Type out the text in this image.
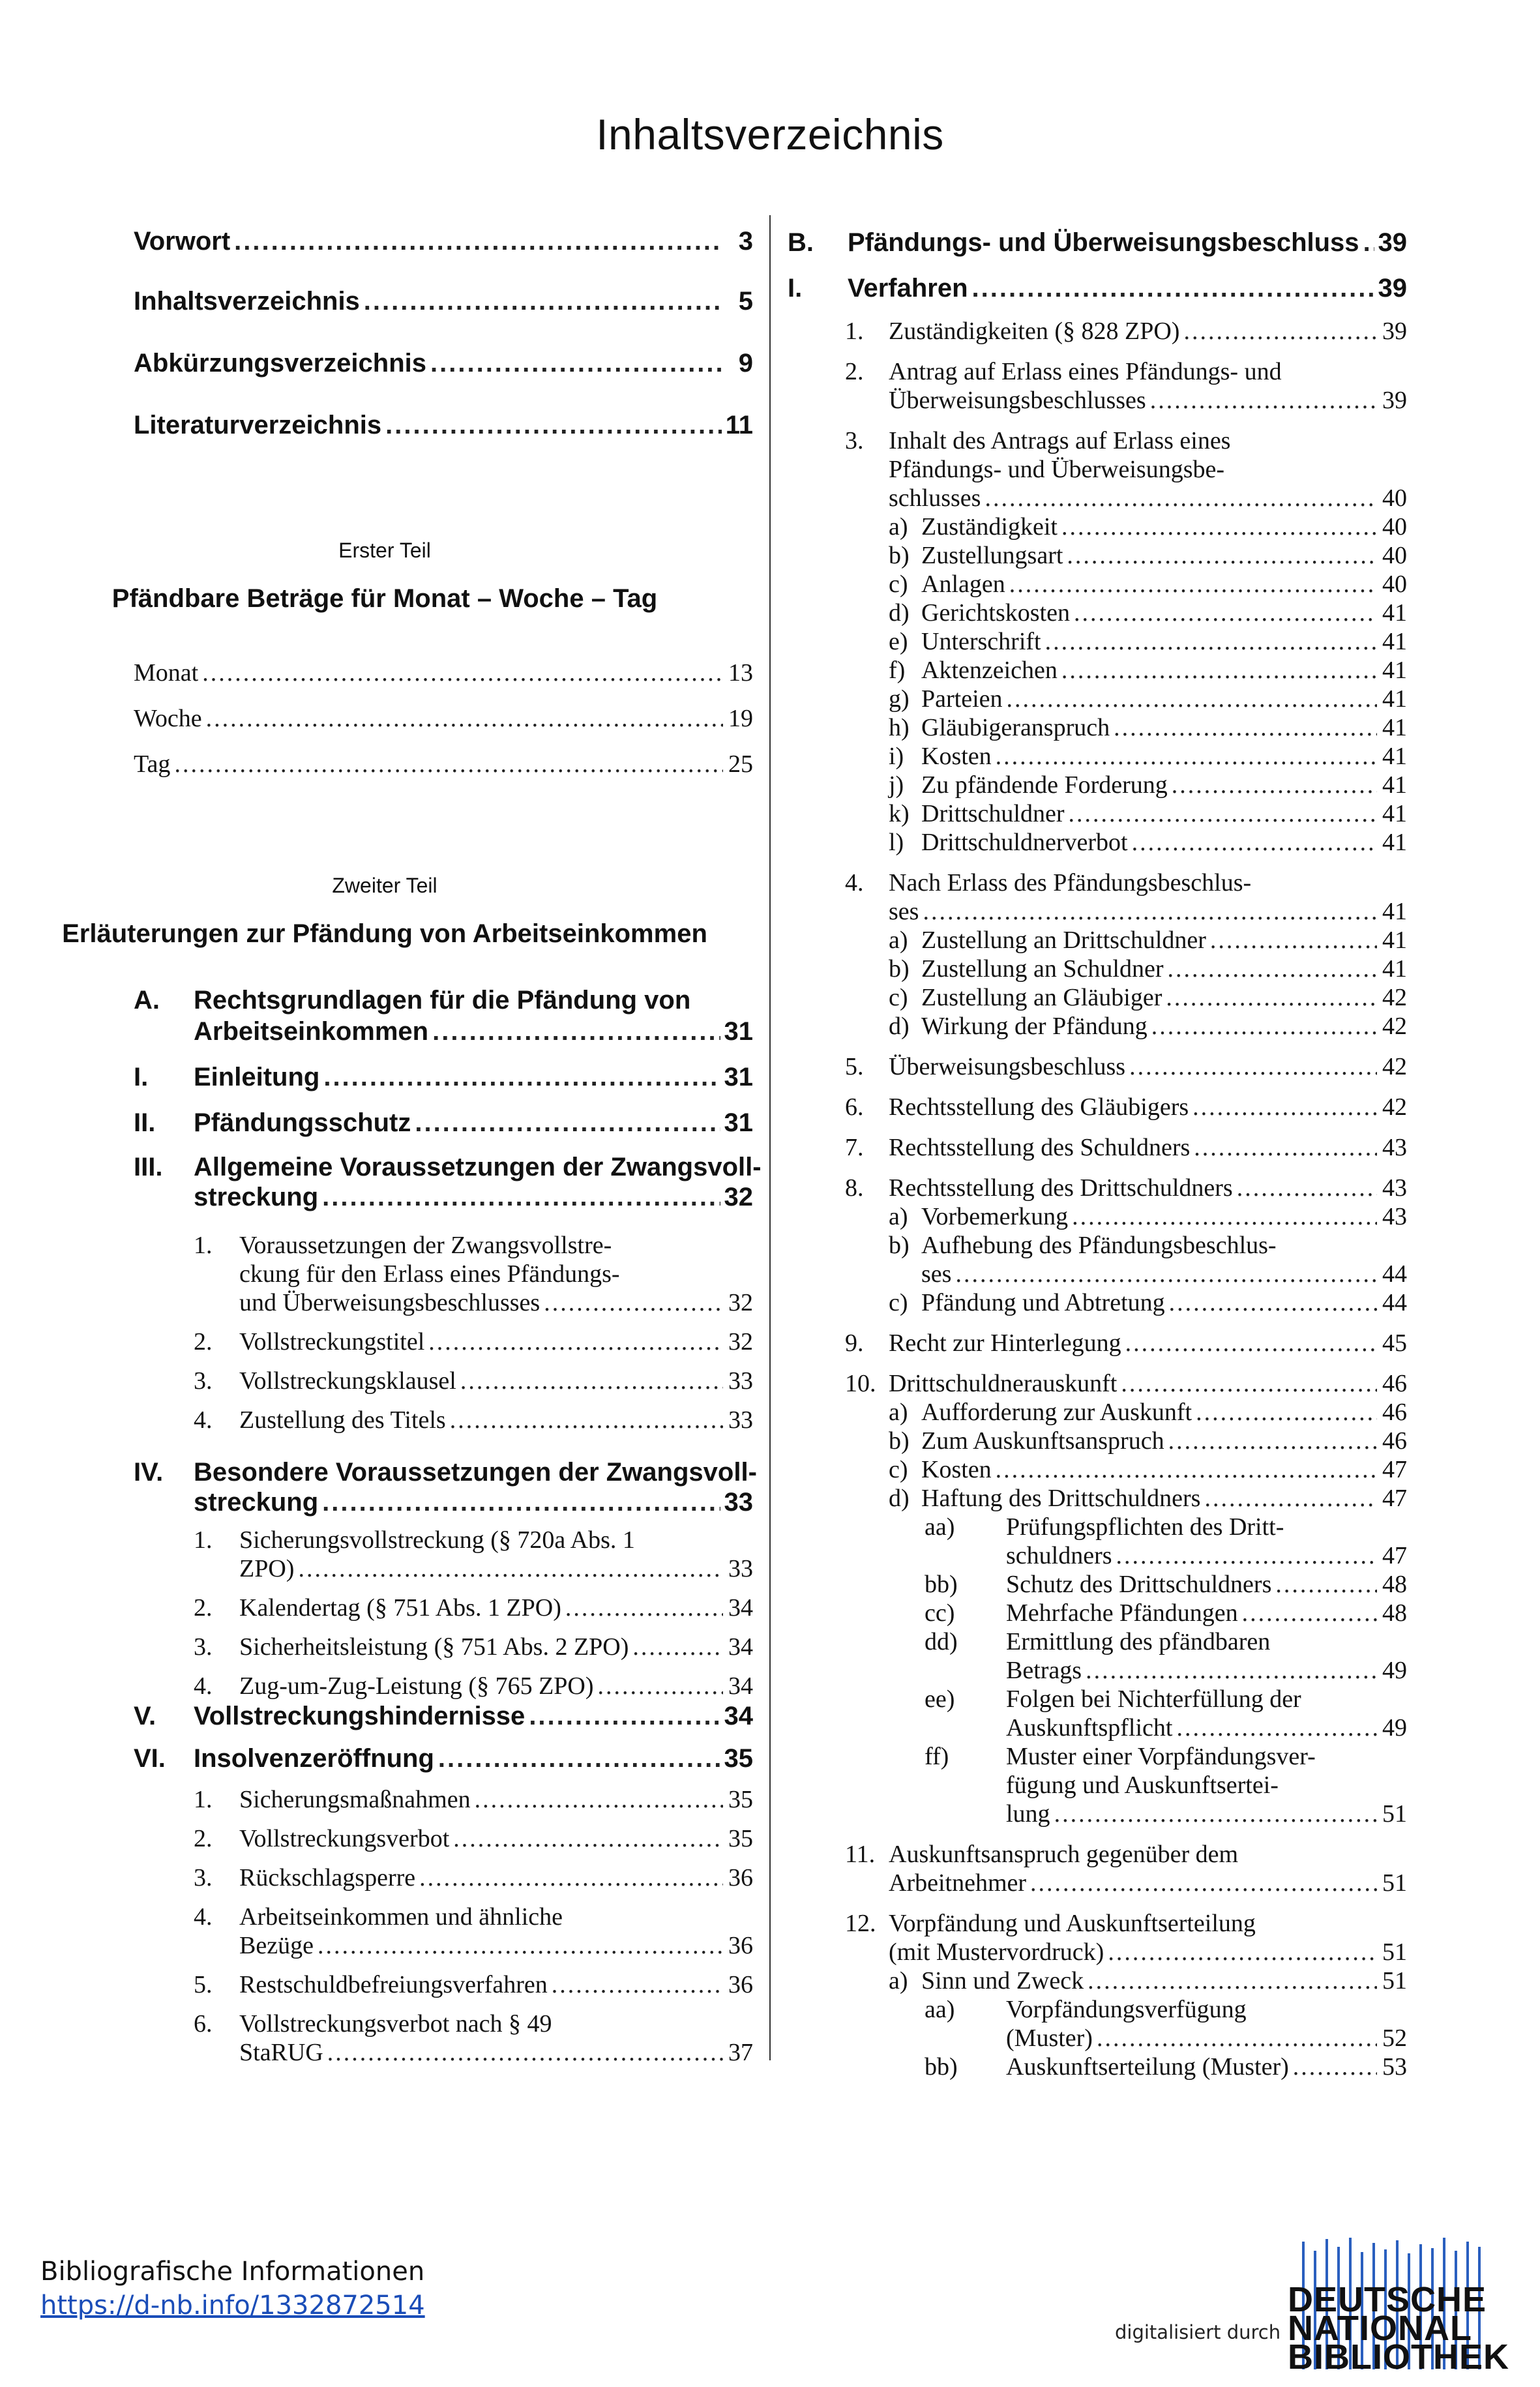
Inhaltsverzeichnis
Vorwort .....	3
Inhaltsverzeichnis .....	5
Abkürzungsverzeichnis .....	9
Literaturverzeichnis .....	11
Erster Teil
Pfändbare Beträge für Monat – Woche – Tag
Monat .....	13
Woche .....	19
Tag .....	25
Zweiter Teil
Erläuterungen zur Pfändung von Arbeitseinkommen
A. Rechtsgrundlagen für die Pfändung von
Arbeitseinkommen .....	31
I. Einleitung .....	31
II. Pfändungsschutz .....	31
III. Allgemeine Voraussetzungen der Zwangsvoll-
streckung .....	32
1. Voraussetzungen der Zwangsvollstre-
ckung für den Erlass eines Pfändungs-
und Überweisungsbeschlusses .....	32
2. Vollstreckungstitel .....	32
3. Vollstreckungsklausel .....	33
4. Zustellung des Titels .....	33
IV. Besondere Voraussetzungen der Zwangsvoll-
streckung .....	33
1. Sicherungsvollstreckung (§ 720a Abs. 1
ZPO) .....	33
2. Kalendertag (§ 751 Abs. 1 ZPO) .....	34
3. Sicherheitsleistung (§ 751 Abs. 2 ZPO) .....	34
4. Zug-um-Zug-Leistung (§ 765 ZPO) .....	34
V. Vollstreckungshindernisse .....	34
VI. Insolvenzeröffnung .....	35
1. Sicherungsmaßnahmen .....	35
2. Vollstreckungsverbot .....	35
3. Rückschlagsperre .....	36
4. Arbeitseinkommen und ähnliche
Bezüge .....	36
5. Restschuldbefreiungsverfahren .....	36
6. Vollstreckungsverbot nach § 49
StaRUG .....	37
B. Pfändungs- und Überweisungsbeschluss ..... 39
I. Verfahren .....	39
1. Zuständigkeiten (§ 828 ZPO) .....	39
2. Antrag auf Erlass eines Pfändungs- und
Überweisungsbeschlusses .....	39
3. Inhalt des Antrags auf Erlass eines
Pfändungs- und Überweisungsbe-
schlusses .....	40
a) Zuständigkeit .....	40
b) Zustellungsart .....	40
c) Anlagen .....	40
d) Gerichtskosten .....	41
e) Unterschrift .....	41
f) Aktenzeichen .....	41
g) Parteien .....	41
h) Gläubigeranspruch .....	41
i) Kosten .....	41
j) Zu pfändende Forderung .....	41
k) Drittschuldner .....	41
l) Drittschuldnerverbot .....	41
4. Nach Erlass des Pfändungsbeschlus-
ses .....	41
a) Zustellung an Drittschuldner .....	41
b) Zustellung an Schuldner .....	41
c) Zustellung an Gläubiger .....	42
d) Wirkung der Pfändung .....	42
5. Überweisungsbeschluss .....	42
6. Rechtsstellung des Gläubigers .....	42
7. Rechtsstellung des Schuldners .....	43
8. Rechtsstellung des Drittschuldners .....	43
a) Vorbemerkung .....	43
b) Aufhebung des Pfändungsbeschlus-
ses .....	44
c) Pfändung und Abtretung .....	44
9. Recht zur Hinterlegung .....	45
10. Drittschuldnerauskunft .....	46
a) Aufforderung zur Auskunft .....	46
b) Zum Auskunftsanspruch .....	46
c) Kosten .....	47
d) Haftung des Drittschuldners .....	47
aa) Prüfungspflichten des Dritt-
schuldners .....	47
bb) Schutz des Drittschuldners .....	48
cc) Mehrfache Pfändungen .....	48
dd) Ermittlung des pfändbaren
Betrags .....	49
ee) Folgen bei Nichterfüllung der
Auskunftspflicht .....	49
ff) Muster einer Vorpfändungsver-
fügung und Auskunftsertei-
lung .....	51
11. Auskunftsanspruch gegenüber dem
Arbeitnehmer .....	51
12. Vorpfändung und Auskunftserteilung
(mit Mustervordruck) .....	51
a) Sinn und Zweck .....	51
aa) Vorpfändungsverfügung
(Muster) .....	52
bb) Auskunftserteilung (Muster) .....	53
Bibliografische Informationen
https://d-nb.info/1332872514
digitalisiert durch
DEUTSCHE
NATIONAL
BIBLIOTHEK
